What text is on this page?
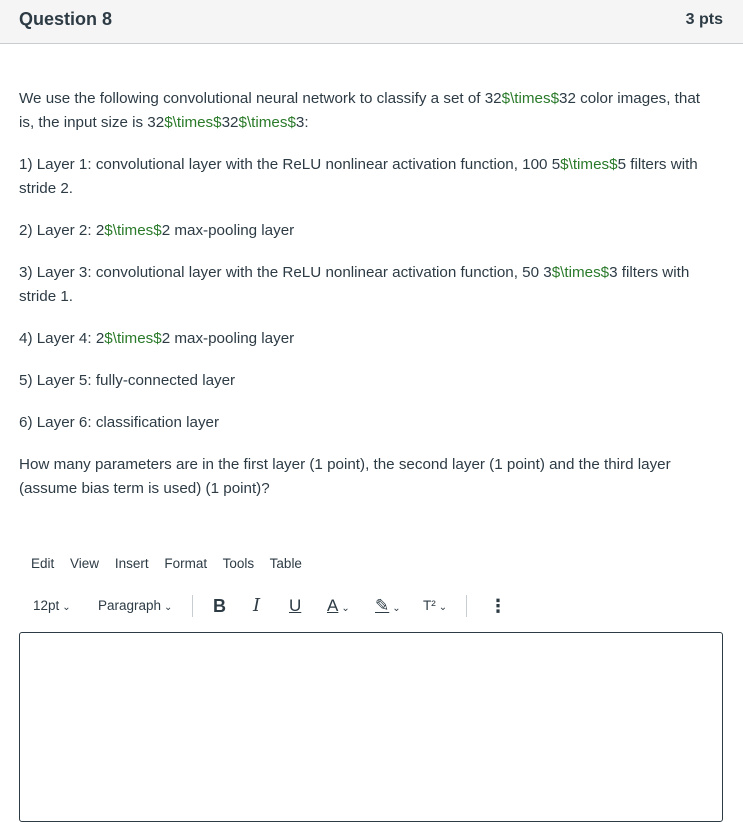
Question 8	3 pts

We use the following convolutional neural network to classify a set of 32$\times$32 color images, that is, the input size is 32$\times$32$\times$3:

1) Layer 1: convolutional layer with the ReLU nonlinear activation function, 100 5$\times$5 filters with stride 2.

2) Layer 2: 2$\times$2 max-pooling layer

3) Layer 3: convolutional layer with the ReLU nonlinear activation function, 50 3$\times$3 filters with stride 1.

4) Layer 4: 2$\times$2 max-pooling layer

5) Layer 5: fully-connected layer

6) Layer 6: classification layer

How many parameters are in the first layer (1 point), the second layer (1 point) and the third layer (assume bias term is used) (1 point)?

Edit View Insert Format Tools Table
12pt ⌄ Paragraph ⌄ B I U A ⌄ ✎ ⌄ T² ⌄ ⋮
